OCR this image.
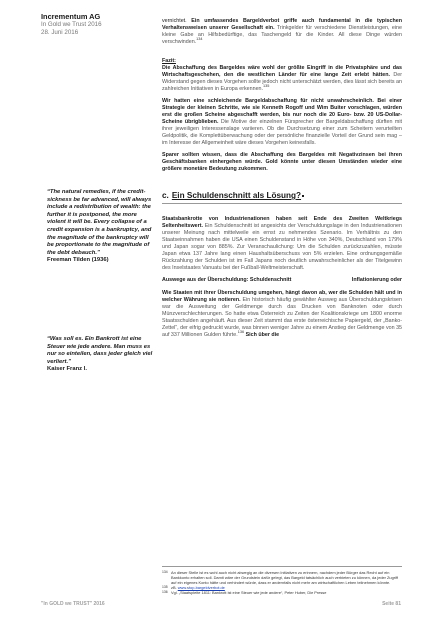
Incrementum AG
In Gold we Trust 2016
28. Juni 2016
“The natural remedies, if the credit-sickness be far advanced, will always include a redistribution of wealth: the further it is postponed, the more violent it will be. Every collapse of a credit expansion is a bankruptcy, and the magnitude of the bankruptcy will be proportionate to the magnitude of the debt debauch.”
Freeman Tilden (1936)
“Was soll es. Ein Bankrott ist eine Steuer wie jede andere. Man muss es nur so einteilen, dass jeder gleich viel verliert.”
Kaiser Franz I.

vernichtet. Ein umfassendes Bargeldverbot griffe auch fundamental in die typischen Verhaltensweisen unserer Gesellschaft ein. Trinkgelder für verschiedene Dienstleistungen, eine kleine Gabe an Hilfsbedürftige, das Taschengeld für die Kinder. All diese Dinge würden verschwinden.$^{134}$

Fazit:

Die Abschaffung des Bargeldes wäre wohl der größte Eingriff in die Privatsphäre und das Wirtschaftsgeschehen, den die westlichen Länder für eine lange Zeit erlebt hätten. Der Widerstand gegen dieses Vorgehen sollte jedoch nicht unterschätzt werden, dies lässt sich bereits an zahlreichen Initiativen in Europa erkennen.$^{135}$

Wir hatten eine schleichende Bargeldabschaffung für nicht unwahrscheinlich. Bei einer Strategie der kleinen Schritte, wie sie Kenneth Rogoff und Wim Buiter vorschlagen, würden erst die großen Scheine abgeschafft werden, bis nur noch die 20 Euro- bzw. 20 US-Dollar-Scheine übrigblieben. Die Motive der einzelnen Fürsprecher der Bargeldabschaffung dürften mit ihrer jeweiligen Interessenslage variieren. Ob die Durchsetzung einer zum Scheitern verurteilten Geldpolitik, die Komplettüberwachung oder der persönliche finanzielle Vorteil der Grund sein mag – im Interesse der Allgemeinheit wäre dieses Vorgehen keinesfalls.

Sparer sollten wissen, dass die Abschaffung des Bargeldes mit Negativzinsen bei ihren Geschäftsbanken einhergehen würde. Gold könnte unter diesen Umständen wieder eine größere monetäre Bedeutung zukommen.

c. Ein Schuldenschnitt als Lösung?

Staatsbankrotte von Industrienationen haben seit Ende des Zweiten Weltkriegs Seltenheitswert. Ein Schuldenschnitt ist angesichts der Verschuldungslage in den Industrienationen unserer Meinung nach mittelweile ein ernst zu nehmendes Szenario. Im Verhältnis zu den Staatseinnahmen haben die USA einen Schuldenstand in Höhe von 340%, Deutschland von 179% und Japan sogar von 885%. Zur Veranschaulichung: Um die Schulden zurückzuzahlen, müsste Japan etwa 137 Jahre lang einen Haushaltsüberschuss von 5% erzielen. Eine ordnungsgemäße Rückzahlung der Schulden ist im Fall Japans noch deutlich unwahrscheinlicher als der Titelgewinn des Inselstaates Vanuatu bei der Fußball-Weltmeisterschaft.

Auswege aus der Überschuldung: Schuldenschnitt	Inflationierung oder

Wie Staaten mit ihrer Überschuldung umgehen, hängt davon ab, wer die Schulden hält und in welcher Währung sie notieren. Ein historisch häufig gewählter Ausweg aus Überschuldungskrisen war die Ausweitung der Geldmenge durch das Drucken von Banknoten oder durch Münzverschlechterungen. So hatte etwa Österreich zu Zeiten der Koalitionskriege um 1800 enorme Staatsschulden angehäuft. Aus dieser Zeit stammt das erste österreichische Papiergeld, der „Banko-Zettel“, der eifrig gedruckt wurde, was binnen weniger Jahre zu einem Anstieg der Geldmenge von 35 auf 337 Millionen Gulden führte.$^{136}$ Sich über die

134 An dieser Stelle ist es wohl auch nicht abwegig an die diversen Initiativen zu erinnern, nachdem jeder Bürger das Recht auf ein Bankkonto erhalten soll. Damit wäre der Grundstein dafür gelegt, das Bargeld tatsächlich auch verbieten zu können, da jeder Zugriff auf ein eigenes Konto hätte und verhindert würde, dass er andernfalls nicht mehr am wirtschaftlichen Leben teilnehmen könnte.
135 zB. www.stop-bargeldverbot.de
136 Vgl. „Staatspleite 1811: Bankrott ist eine Steuer wie jede andere“, Peter Huber, Die Presse
"In GOLD we TRUST" 2016	Seite 81
